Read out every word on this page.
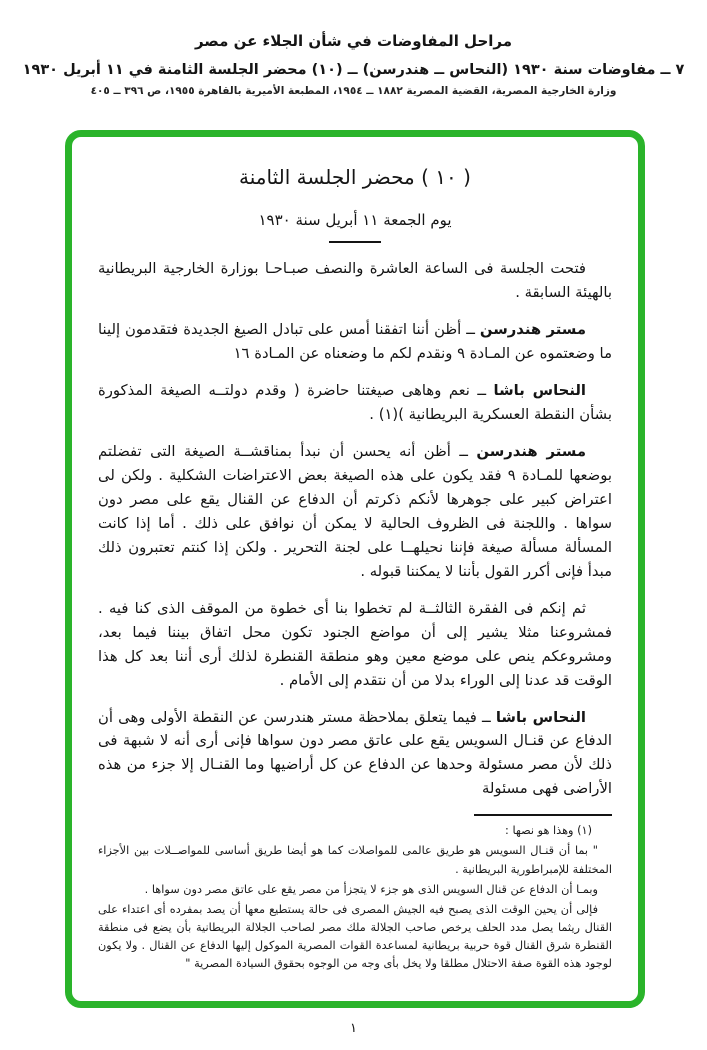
مراحل المفاوضات في شأن الجلاء عن مصر
٧ ــ مفاوضات سنة ١٩٣٠ (النحاس ــ هندرسن) ــ (١٠) محضر الجلسة الثامنة في ١١ أبريل ١٩٣٠
وزارة الخارجية المصرية، القضية المصرية ١٨٨٢ ــ ١٩٥٤، المطبعة الأميرية بالقاهرة ١٩٥٥، ص ٣٩٦ ــ ٤٠٥
( ١٠ ) محضر الجلسة الثامنة
يوم الجمعة ١١ أبريل سنة ١٩٣٠

فتحت الجلسة فى الساعة العاشرة والنصف صبـاحـا بوزارة الخارجية البريطانية بالهيئة السابقة .

مستر هندرسن ــ أظن أننا اتفقنا أمس على تبادل الصيغ الجديدة فتقدمون إلينا ما وضعتموه عن المـادة ٩ ونقدم لكم ما وضعناه عن المـادة ١٦

النحاس باشا ــ نعم وهاهى صيغتنا حاضرة ( وقدم دولتــه الصيغة المذكورة بشأن النقطة العسكرية البريطانية )(١) .

مستر هندرسن ــ أظن أنه يحسن أن نبدأ بمناقشــة الصيغة التى تفضلتم بوضعها للمـادة ٩ فقد يكون على هذه الصيغة بعض الاعتراضات الشكلية . ولكن لى اعتراض كبير على جوهرها لأنكم ذكرتم أن الدفاع عن القنال يقع على مصر دون سواها . واللجنة فى الظروف الحالية لا يمكن أن نوافق على ذلك . أما إذا كانت المسألة مسألة صيغة فإننا نحيلهــا على لجنة التحرير . ولكن إذا كنتم تعتبرون ذلك مبدأ فإنى أكرر القول بأننا لا يمكننا قبوله .

ثم إنكم فى الفقرة الثالثــة لم تخطوا بنا أى خطوة من الموقف الذى كنا فيه . فمشروعنا مثلا يشير إلى أن مواضع الجنود تكون محل اتفاق بيننا فيما بعد، ومشروعكم ينص على موضع معين وهو منطقة القنطرة لذلك أرى أننا بعد كل هذا الوقت قد عدنا إلى الوراء بدلا من أن نتقدم إلى الأمام .

النحاس باشا ــ فيما يتعلق بملاحظة مستر هندرسن عن النقطة الأولى وهى أن الدفاع عن قنـال السويس يقع على عاتق مصر دون سواها فإنى أرى أنه لا شبهة فى ذلك لأن مصر مسئولة وحدها عن الدفاع عن كل أراضيها وما القنـال إلا جزء من هذه الأراضى فهى مسئولة

(١) وهذا هو نصها :

" بما أن قنـال السويس هو طريق عالمى للمواصلات كما هو أيضا طريق أساسى للمواصــلات بين الأجزاء المختلفة للإمبراطورية البريطانية .

وبمـا أن الدفاع عن قنال السويس الذى هو جزء لا يتجزأ من مصر يقع على عاتق مصر دون سواها .

فإلى أن يحين الوقت الذى يصبح فيه الجيش المصرى فى حالة يستطيع معها أن يصد بمفرده أى اعتداء على القنال ريثما يصل مدد الحلف يرخص صاحب الجلالة ملك مصر لصاحب الجلالة البريطانية بأن يضع فى منطقة القنطرة شرق القنال قوة حربية بريطانية لمساعدة القوات المصرية الموكول إليها الدفاع عن القنال . ولا يكون لوجود هذه القوة صفة الاحتلال مطلقا ولا يخل بأى وجه من الوجوه بحقوق السيادة المصرية "

١
